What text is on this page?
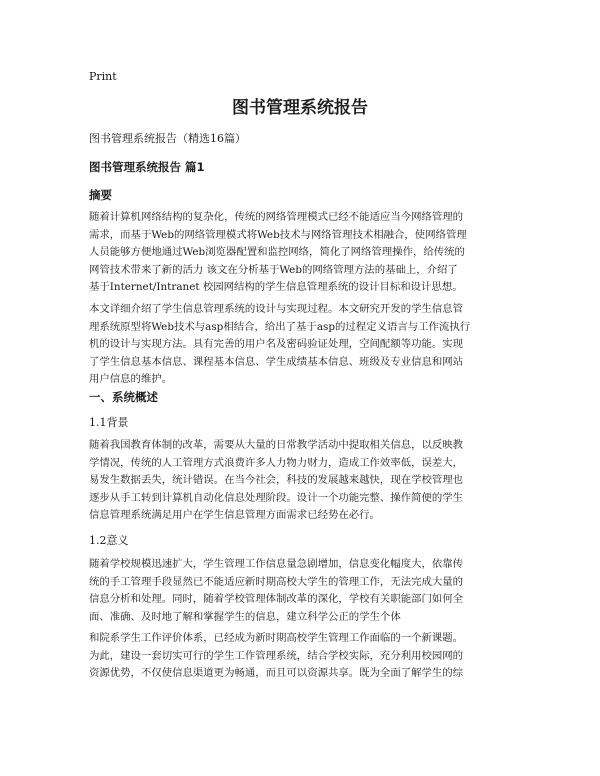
Print
图书管理系统报告
图书管理系统报告（精选16篇）
图书管理系统报告 篇1
摘要
随着计算机网络结构的复杂化，传统的网络管理模式已经不能适应当今网络管理的
需求，而基于Web的网络管理模式将Web技术与网络管理技术相融合，使网络管理
人员能够方便地通过Web浏览器配置和监控网络，简化了网络管理操作，给传统的
网管技术带来了新的活力 该文在分析基于Web的网络管理方法的基础上，介绍了
基于Internet/Intranet 校园网结构的学生信息管理系统的设计目标和设计思想。
本文详细介绍了学生信息管理系统的设计与实现过程。本文研究开发的学生信息管
理系统原型将Web技术与asp相结合，给出了基于asp的过程定义语言与工作流执行
机的设计与实现方法。具有完善的用户名及密码验证处理，空间配额等功能。实现
了学生信息基本信息、课程基本信息、学生成绩基本信息、班级及专业信息和网站
用户信息的维护。
一、系统概述
1.1背景
随着我国教育体制的改革，需要从大量的日常教学活动中提取相关信息，以反映教
学情况，传统的人工管理方式浪费许多人力物力财力，造成工作效率低，误差大，
易发生数据丢失，统计错误。在当今社会，科技的发展越来越快，现在学校管理也
逐步从手工转到计算机自动化信息处理阶段。设计一个功能完整、操作简便的学生
信息管理系统满足用户在学生信息管理方面需求已经势在必行。
1.2意义
随着学校规模迅速扩大，学生管理工作信息量急剧增加，信息变化幅度大，依靠传
统的手工管理手段显然已不能适应新时期高校大学生的管理工作，无法完成大量的
信息分析和处理。同时，随着学校管理体制改革的深化，学校有关职能部门如何全
面、准确、及时地了解和掌握学生的信息，建立科学公正的学生个体
和院系学生工作评价体系，已经成为新时期高校学生管理工作面临的一个新课题。
为此，建设一套切实可行的学生工作管理系统，结合学校实际，充分利用校园网的
资源优势，不仅使信息渠道更为畅通，而且可以资源共享。既为全面了解学生的综
